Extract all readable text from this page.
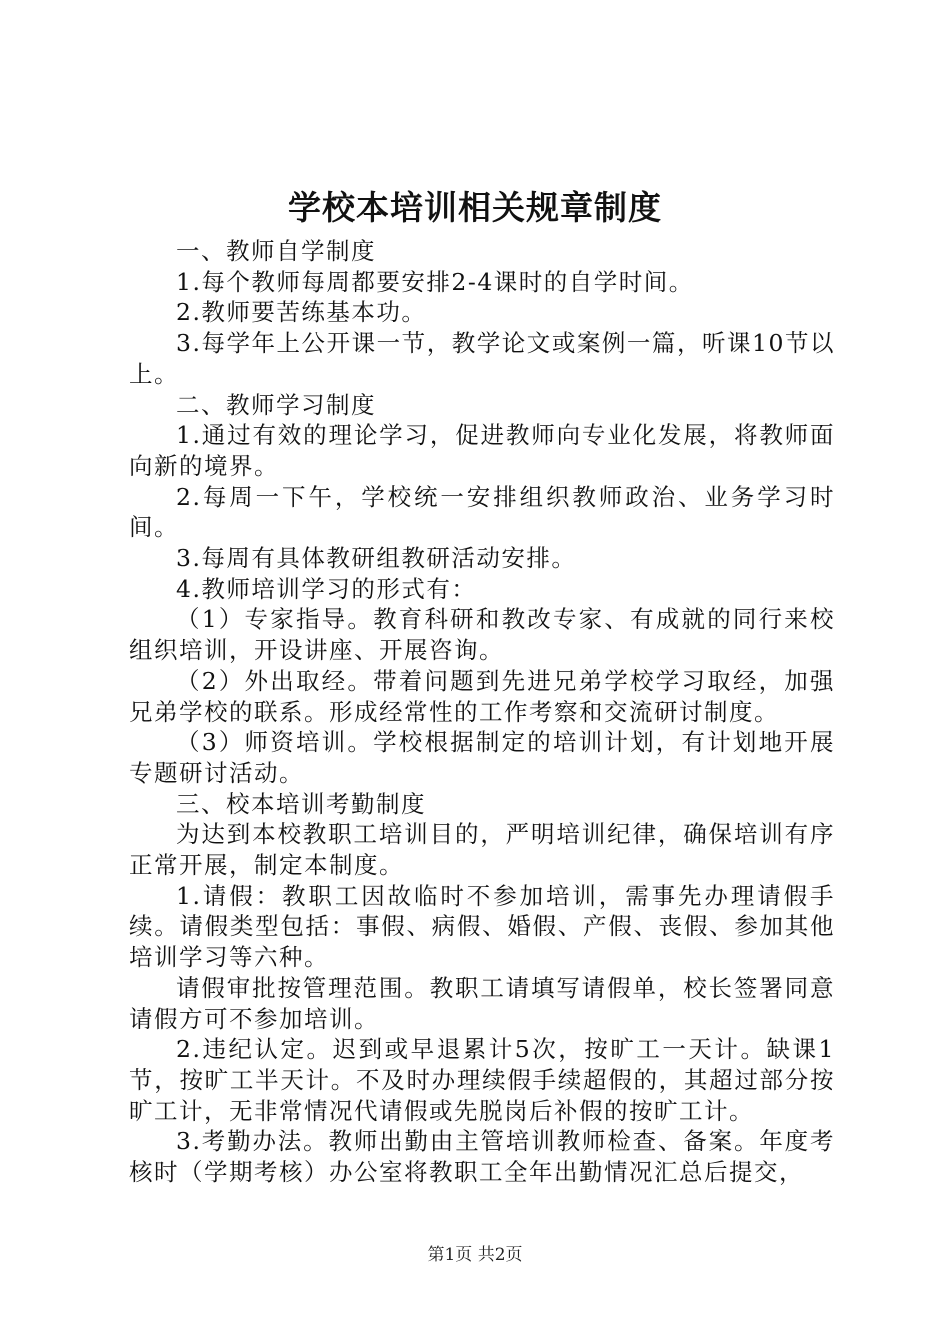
学校本培训相关规章制度

一、教师自学制度

1.每个教师每周都要安排2-4课时的自学时间。

2.教师要苦练基本功。

3.每学年上公开课一节，教学论文或案例一篇，听课10节以上。

二、教师学习制度

1.通过有效的理论学习，促进教师向专业化发展，将教师面向新的境界。

2.每周一下午，学校统一安排组织教师政治、业务学习时间。

3.每周有具体教研组教研活动安排。

4.教师培训学习的形式有：

（1）专家指导。教育科研和教改专家、有成就的同行来校组织培训，开设讲座、开展咨询。

（2）外出取经。带着问题到先进兄弟学校学习取经，加强兄弟学校的联系。形成经常性的工作考察和交流研讨制度。

（3）师资培训。学校根据制定的培训计划，有计划地开展专题研讨活动。

三、校本培训考勤制度

为达到本校教职工培训目的，严明培训纪律，确保培训有序正常开展，制定本制度。

1.请假：教职工因故临时不参加培训，需事先办理请假手续。请假类型包括：事假、病假、婚假、产假、丧假、参加其他培训学习等六种。

请假审批按管理范围。教职工请填写请假单，校长签署同意请假方可不参加培训。

2.违纪认定。迟到或早退累计5次，按旷工一天计。缺课1节，按旷工半天计。不及时办理续假手续超假的，其超过部分按旷工计，无非常情况代请假或先脱岗后补假的按旷工计。

3.考勤办法。教师出勤由主管培训教师检查、备案。年度考核时（学期考核）办公室将教职工全年出勤情况汇总后提交，

第1页 共2页
